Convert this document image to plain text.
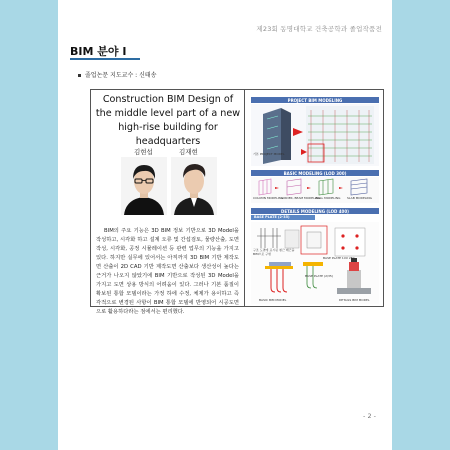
제23회 동명대학교 건축공학과 졸업작품전
BIM 분야 Ⅰ
졸업논문 지도교수 : 신태송
Construction BIM Design of the middle level part of a new high-rise building for headquarters
김현섭	김재현
BIM의 주요 기능은 3D BIM 정보 기반으로 3D Model을 작성하고, 시각화 하고 설계 오류 및 간섭검토, 물량산출, 도면작성, 시각화, 공정 시뮬레이션 등 관련 업무의 기능을 가지고 있다. 하지만 실무에 있어서는 아직까지 3D BIM 기반 제작도면 산출이 2D CAD 기반 제작도면 산출보다 생산성이 높다는 근거가 나오지 않았기에 BIM 기반으로 작성된 3D Model을 가지고 도면 상용 방식의 어려움이 있다. 그러나 기본 품질이 확보된 통합 모델이라는 가정 하에 수정, 체제가 용이하고 즉각적으로 변경된 사항이 BIM 통합 모델에 반영되어 시공도면으로 활용하다라는 점에서는 편리했다.
PROJECT BIM MODELING
기본 PROJECT MODEL
BASIC MODELING (LOD 300)
COLUMN MODELING
GIRDER, BEAM MODELING
WALL MODELING SLAB MODELING
DETAILS MODELING (LOD 400)
BASE PLATE (2-35)
구조 도면에 표시된 철근 배근을 BIM으로 구현
BASE PLATE 1XX 2EA
BASE PLATE (2/35)
BASIC BIM MODEL	DETAILS BIM MODEL
- 2 -
